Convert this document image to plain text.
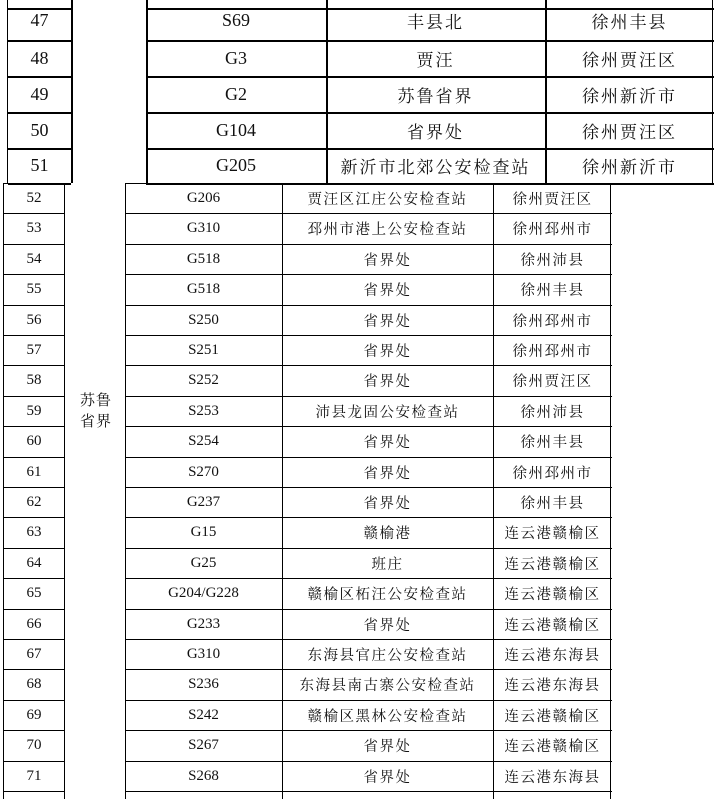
47	S69	丰县北	徐州丰县
48	G3	贾汪	徐州贾汪区
49	G2	苏鲁省界	徐州新沂市
50	G104	省界处	徐州贾汪区
51	G205	新沂市北郊公安检查站	徐州新沂市
52	G206	贾汪区江庄公安检查站	徐州贾汪区
53	G310	邳州市港上公安检查站	徐州邳州市
54	G518	省界处	徐州沛县
55	G518	省界处	徐州丰县
56	S250	省界处	徐州邳州市
57	S251	省界处	徐州邳州市
58	S252	省界处	徐州贾汪区
59	S253	沛县龙固公安检查站	徐州沛县
60	S254	省界处	徐州丰县
61	S270	省界处	徐州邳州市
62	G237	省界处	徐州丰县
63	G15	赣榆港	连云港赣榆区
64	G25	班庄	连云港赣榆区
65	G204/G228	赣榆区柘汪公安检查站	连云港赣榆区
66	G233	省界处	连云港赣榆区
67	G310	东海县官庄公安检查站	连云港东海县
68	S236	东海县南古寨公安检查站	连云港东海县
69	S242	赣榆区黑林公安检查站	连云港赣榆区
70	S267	省界处	连云港赣榆区
71	S268	省界处	连云港东海县
苏鲁
省界
